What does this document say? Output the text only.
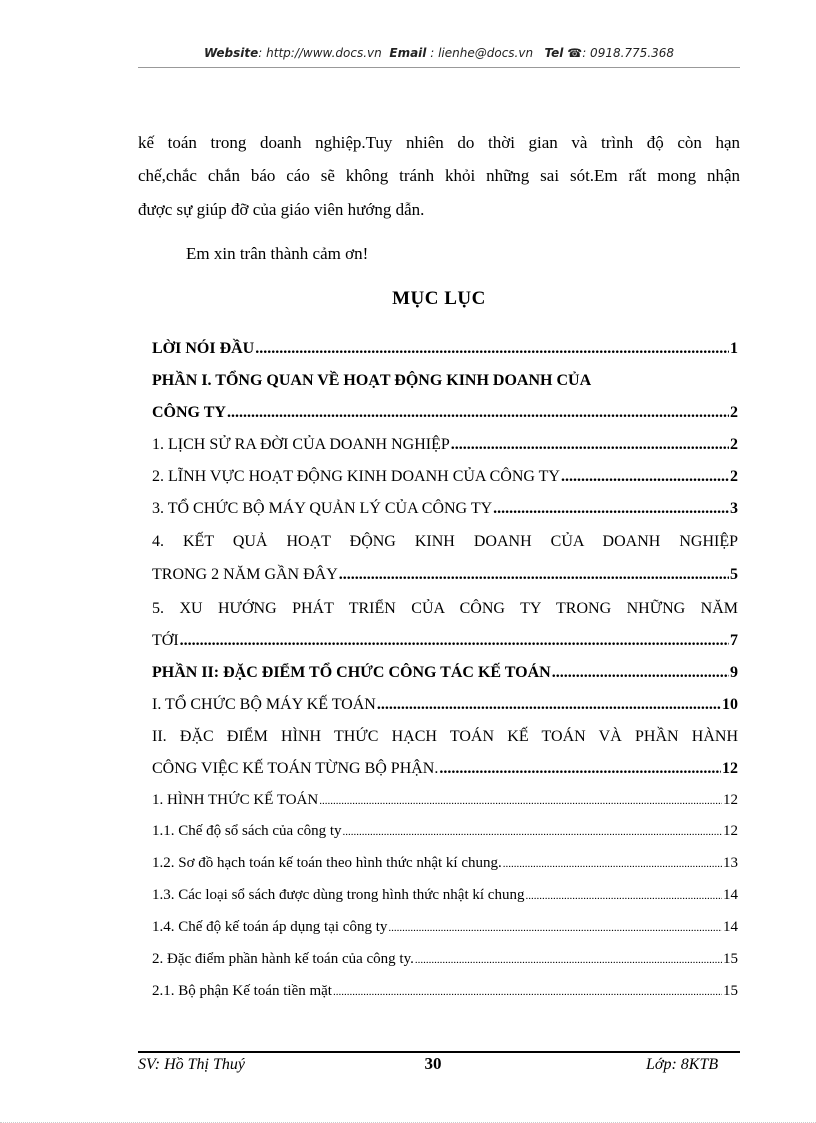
Website: http://www.docs.vn Email : lienhe@docs.vn Tel ☎: 0918.775.368
kế toán trong doanh nghiệp.Tuy nhiên do thời gian và trình độ còn hạn
chế,chắc chắn báo cáo sẽ không tránh khỏi những sai sót.Em rất mong nhận
được sự giúp đỡ của giáo viên hướng dẫn.
Em xin trân thành cảm ơn!
MỤC LỤC
LỜI NÓI ĐẦU .....	1
PHẦN I. TỔNG QUAN VỀ HOẠT ĐỘNG KINH DOANH CỦA
CÔNG TY .....	2
1. LỊCH SỬ RA ĐỜI CỦA DOANH NGHIỆP .....	2
2. LĨNH VỰC HOẠT ĐỘNG KINH DOANH CỦA CÔNG TY .....	2
3. TỔ CHỨC BỘ MÁY QUẢN LÝ CỦA CÔNG TY .....	3
4. KẾT QUẢ HOẠT ĐỘNG KINH DOANH CỦA DOANH NGHIỆP
TRONG 2 NĂM GẦN ĐÂY .....	5
5. XU HƯỚNG PHÁT TRIỂN CỦA CÔNG TY TRONG NHỮNG NĂM
TỚI .....	7
PHẦN II: ĐẶC ĐIỂM TỔ CHỨC CÔNG TÁC KẾ TOÁN .....	9
I. TỔ CHỨC BỘ MÁY KẾ TOÁN .....	10
II. ĐẶC ĐIỂM HÌNH THỨC HẠCH TOÁN KẾ TOÁN VÀ PHẦN HÀNH
CÔNG VIỆC KẾ TOÁN TỪNG BỘ PHẬN. .....	12
1. HÌNH THỨC KẾ TOÁN .....	12
1.1. Chế độ sổ sách của công ty .....	12
1.2. Sơ đồ hạch toán kế toán theo hình thức nhật kí chung. .....	13
1.3. Các loại sổ sách được dùng trong hình thức nhật kí chung .....	14
1.4. Chế độ kế toán áp dụng tại công ty .....	14
2. Đặc điểm phần hành kế toán của công ty. .....	15
2.1. Bộ phận Kế toán tiền mặt .....	15
SV: Hồ Thị Thuý	30	Lớp: 8KTB
